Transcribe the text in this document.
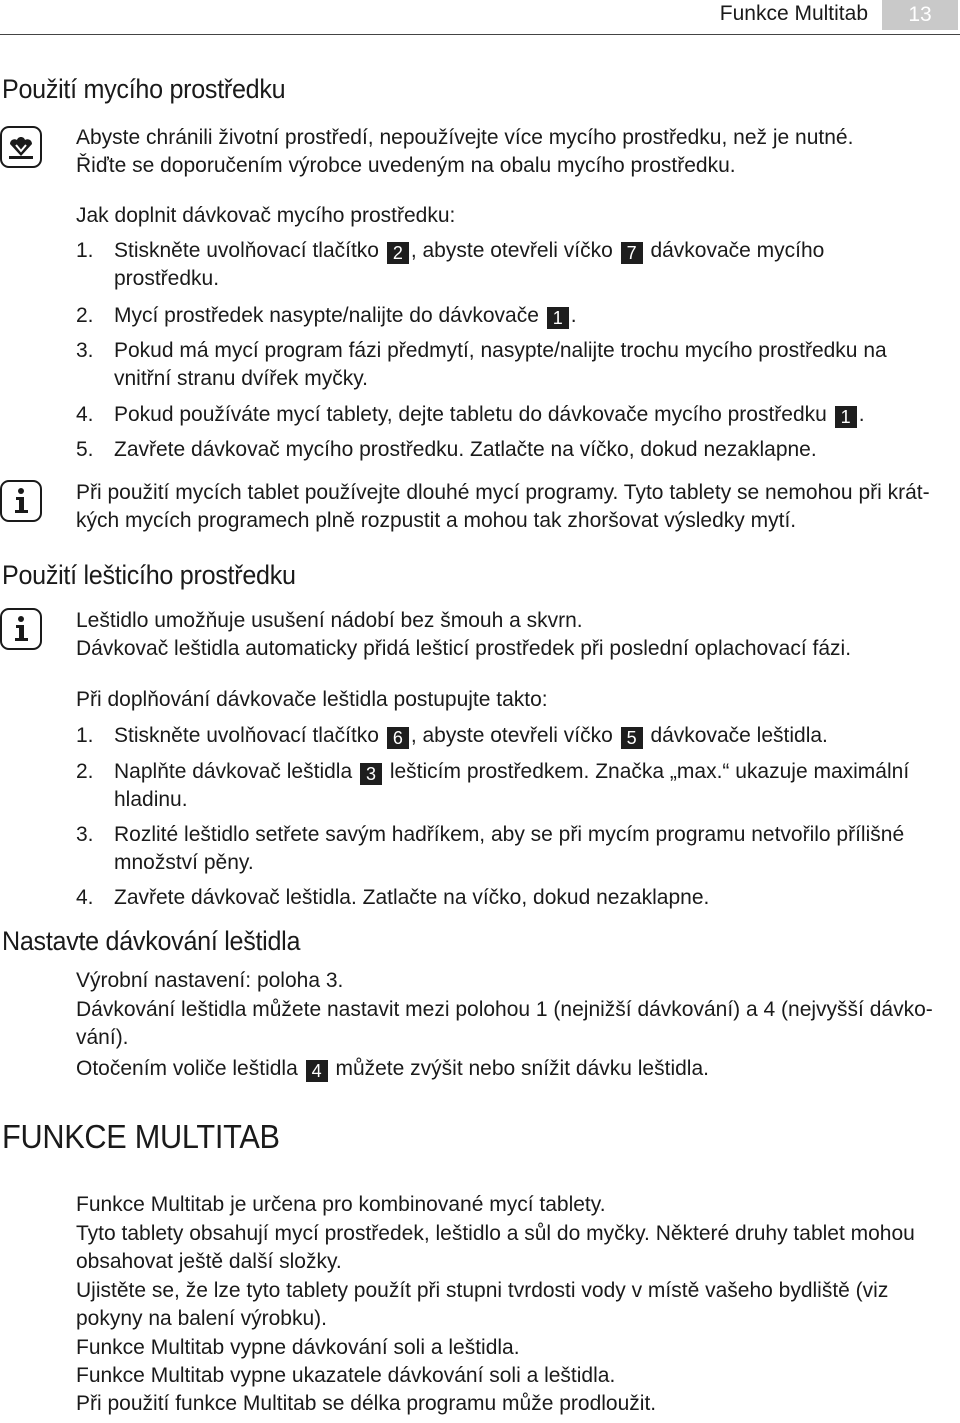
Funkce Multitab	13
Použití mycího prostředku
Abyste chránili životní prostředí, nepoužívejte více mycího prostředku, než je nutné.
Řiďte se doporučením výrobce uvedeným na obalu mycího prostředku.
Jak doplnit dávkovač mycího prostředku:
1. Stiskněte uvolňovací tlačítko 2 , abyste otevřeli víčko 7 dávkovače mycího
prostředku.
2. Mycí prostředek nasypte/nalijte do dávkovače 1 .
3. Pokud má mycí program fázi předmytí, nasypte/nalijte trochu mycího prostředku na
vnitřní stranu dvířek myčky.
4. Pokud používáte mycí tablety, dejte tabletu do dávkovače mycího prostředku 1 .
5. Zavřete dávkovač mycího prostředku. Zatlačte na víčko, dokud nezaklapne.
Při použití mycích tablet používejte dlouhé mycí programy. Tyto tablety se nemohou při krát-
kých mycích programech plně rozpustit a mohou tak zhoršovat výsledky mytí.
Použití lešticího prostředku
Leštidlo umožňuje usušení nádobí bez šmouh a skvrn.
Dávkovač leštidla automaticky přidá lešticí prostředek při poslední oplachovací fázi.
Při doplňování dávkovače leštidla postupujte takto:
1. Stiskněte uvolňovací tlačítko 6 , abyste otevřeli víčko 5 dávkovače leštidla.
2. Naplňte dávkovač leštidla 3 lešticím prostředkem. Značka „max.“ ukazuje maximální
hladinu.
3. Rozlité leštidlo setřete savým hadříkem, aby se při mycím programu netvořilo přílišné
množství pěny.
4. Zavřete dávkovač leštidla. Zatlačte na víčko, dokud nezaklapne.
Nastavte dávkování leštidla
Výrobní nastavení: poloha 3.
Dávkování leštidla můžete nastavit mezi polohou 1 (nejnižší dávkování) a 4 (nejvyšší dávko-
vání).
Otočením voliče leštidla 4 můžete zvýšit nebo snížit dávku leštidla.
FUNKCE MULTITAB
Funkce Multitab je určena pro kombinované mycí tablety.
Tyto tablety obsahují mycí prostředek, leštidlo a sůl do myčky. Některé druhy tablet mohou
obsahovat ještě další složky.
Ujistěte se, že lze tyto tablety použít při stupni tvrdosti vody v místě vašeho bydliště (viz
pokyny na balení výrobku).
Funkce Multitab vypne dávkování soli a leštidla.
Funkce Multitab vypne ukazatele dávkování soli a leštidla.
Při použití funkce Multitab se délka programu může prodloužit.
